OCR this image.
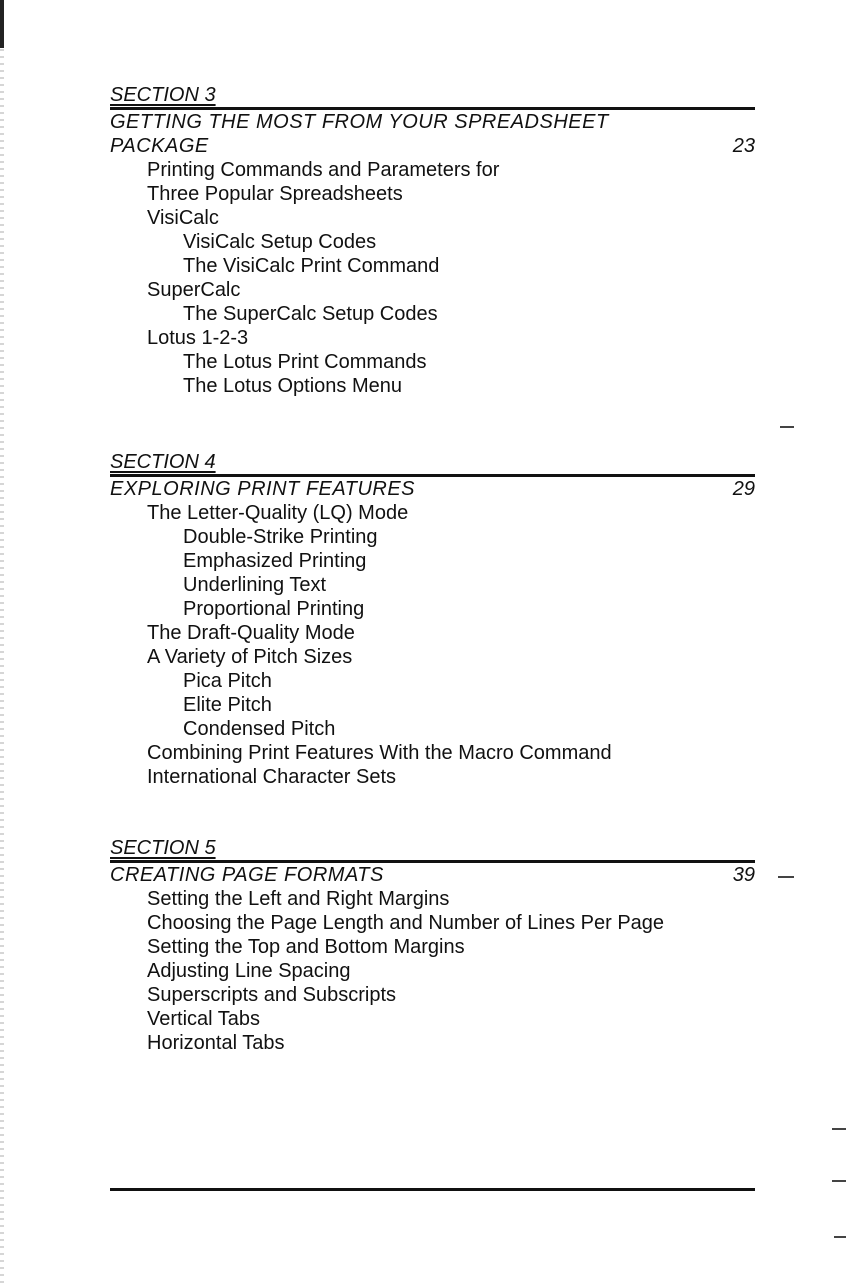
SECTION 3
GETTING THE MOST FROM YOUR SPREADSHEET
PACKAGE	23
Printing Commands and Parameters for
Three Popular Spreadsheets
VisiCalc
VisiCalc Setup Codes
The VisiCalc Print Command
SuperCalc
The SuperCalc Setup Codes
Lotus 1-2-3
The Lotus Print Commands
The Lotus Options Menu
SECTION 4
EXPLORING PRINT FEATURES	29
The Letter-Quality (LQ) Mode
Double-Strike Printing
Emphasized Printing
Underlining Text
Proportional Printing
The Draft-Quality Mode
A Variety of Pitch Sizes
Pica Pitch
Elite Pitch
Condensed Pitch
Combining Print Features With the Macro Command
International Character Sets
SECTION 5
CREATING PAGE FORMATS	39
Setting the Left and Right Margins
Choosing the Page Length and Number of Lines Per Page
Setting the Top and Bottom Margins
Adjusting Line Spacing
Superscripts and Subscripts
Vertical Tabs
Horizontal Tabs
